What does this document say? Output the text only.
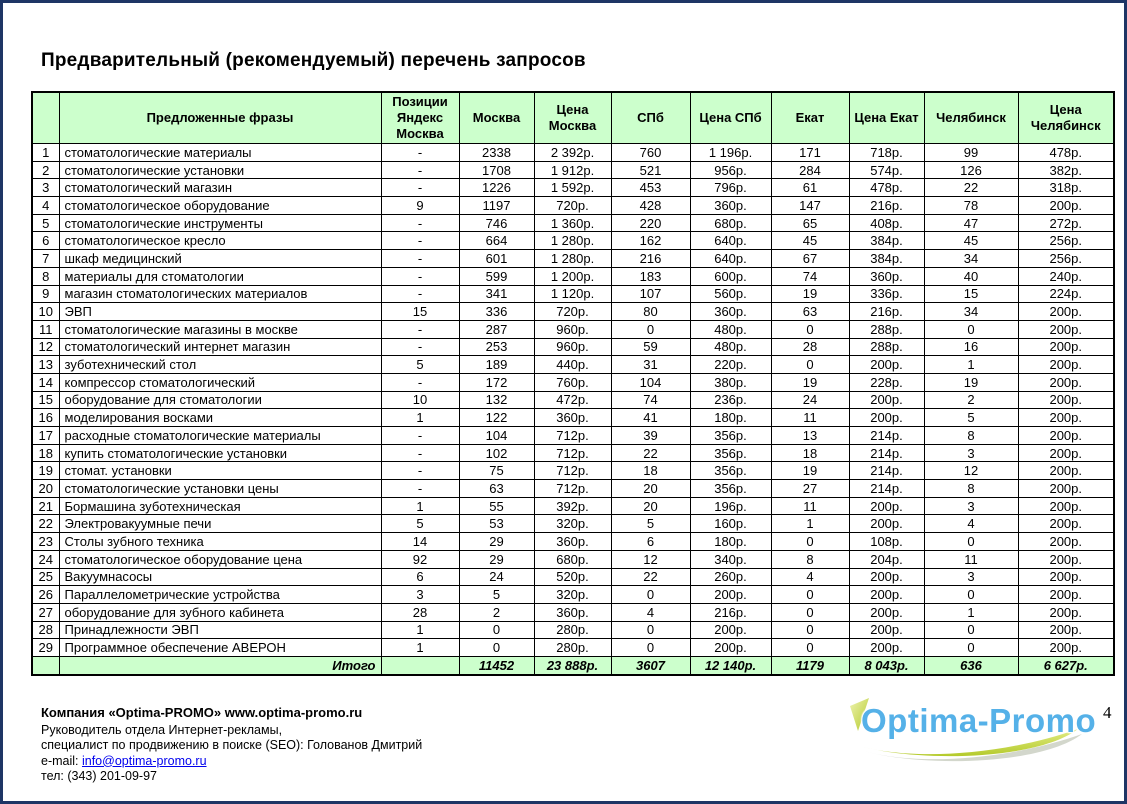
Предварительный (рекомендуемый) перечень запросов
	Предложенные фразы	Позиции Яндекс Москва	Москва	Цена Москва	СПб	Цена СПб	Екат	Цена Екат	Челябинск	Цена Челябинск
1	стоматологические материалы	-	2338	2 392р.	760	1 196р.	171	718р.	99	478р.
2	стоматологические установки	-	1708	1 912р.	521	956р.	284	574р.	126	382р.
3	стоматологический магазин	-	1226	1 592р.	453	796р.	61	478р.	22	318р.
4	стоматологическое оборудование	9	1197	720р.	428	360р.	147	216р.	78	200р.
5	стоматологические инструменты	-	746	1 360р.	220	680р.	65	408р.	47	272р.
6	стоматологическое кресло	-	664	1 280р.	162	640р.	45	384р.	45	256р.
7	шкаф медицинский	-	601	1 280р.	216	640р.	67	384р.	34	256р.
8	материалы для стоматологии	-	599	1 200р.	183	600р.	74	360р.	40	240р.
9	магазин стоматологических материалов	-	341	1 120р.	107	560р.	19	336р.	15	224р.
10	ЭВП	15	336	720р.	80	360р.	63	216р.	34	200р.
11	стоматологические магазины в москве	-	287	960р.	0	480р.	0	288р.	0	200р.
12	стоматологический интернет магазин	-	253	960р.	59	480р.	28	288р.	16	200р.
13	зуботехнический стол	5	189	440р.	31	220р.	0	200р.	1	200р.
14	компрессор стоматологический	-	172	760р.	104	380р.	19	228р.	19	200р.
15	оборудование для стоматологии	10	132	472р.	74	236р.	24	200р.	2	200р.
16	моделирования восками	1	122	360р.	41	180р.	11	200р.	5	200р.
17	расходные стоматологические материалы	-	104	712р.	39	356р.	13	214р.	8	200р.
18	купить стоматологические установки	-	102	712р.	22	356р.	18	214р.	3	200р.
19	стомат. установки	-	75	712р.	18	356р.	19	214р.	12	200р.
20	стоматологические установки цены	-	63	712р.	20	356р.	27	214р.	8	200р.
21	Бормашина зуботехническая	1	55	392р.	20	196р.	11	200р.	3	200р.
22	Электровакуумные печи	5	53	320р.	5	160р.	1	200р.	4	200р.
23	Столы зубного техника	14	29	360р.	6	180р.	0	108р.	0	200р.
24	стоматологическое оборудование цена	92	29	680р.	12	340р.	8	204р.	11	200р.
25	Вакуумнасосы	6	24	520р.	22	260р.	4	200р.	3	200р.
26	Параллелометрические устройства	3	5	320р.	0	200р.	0	200р.	0	200р.
27	оборудование для зубного кабинета	28	2	360р.	4	216р.	0	200р.	1	200р.
28	Принадлежности ЭВП	1	0	280р.	0	200р.	0	200р.	0	200р.
29	Программное обеспечение АВЕРОН	1	0	280р.	0	200р.	0	200р.	0	200р.
	Итого		11452	23 888р.	3607	12 140р.	1179	8 043р.	636	6 627р.
Компания «Optima-PROMO» www.optima-promo.ru
Руководитель отдела Интернет-рекламы,
специалист по продвижению в поиске (SEO): Голованов Дмитрий
e-mail: info@optima-promo.ru
тел: (343) 201-09-97
Optima-Promo 4
